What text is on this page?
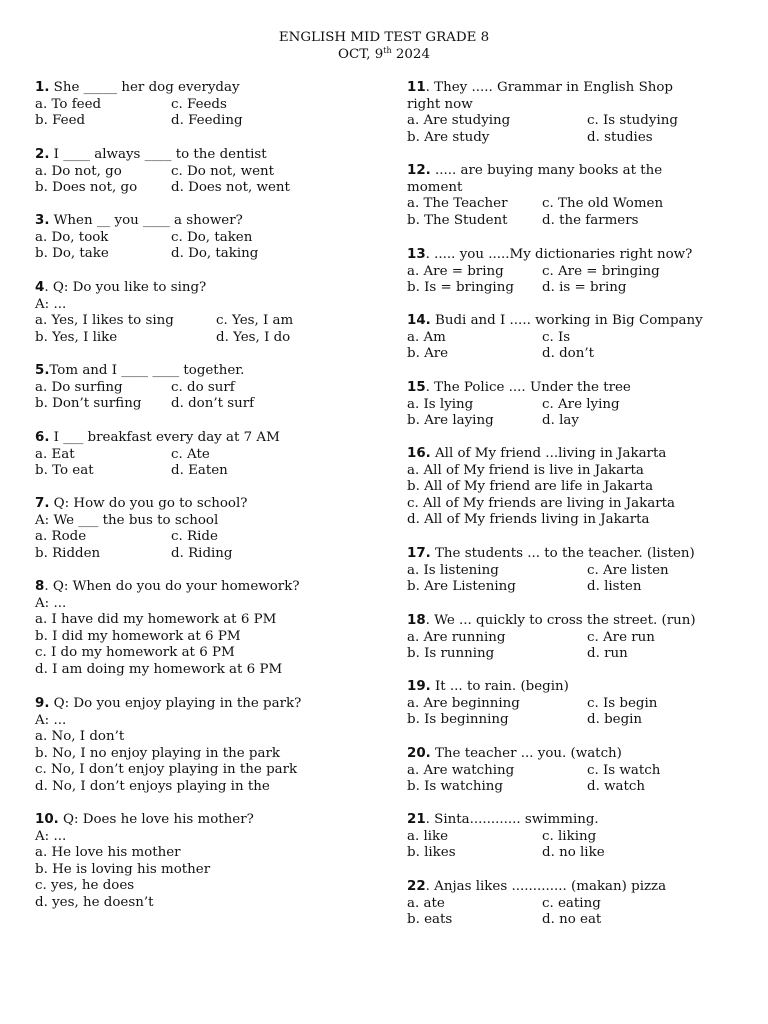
ENGLISH MID TEST GRADE 8
OCT, 9th 2024
1. She _____ her dog everyday
a. To feed	c. Feeds
b. Feed	d. Feeding
2. I ____ always ____ to the dentist
a. Do not, go	c. Do not, went
b. Does not, go	d. Does not, went
3. When __ you ____ a shower?
a. Do, took	c. Do, taken
b. Do, take	d. Do, taking
4. Q: Do you like to sing?
A: ...
a. Yes, I likes to sing	c. Yes, I am
b. Yes, I like	d. Yes, I do
5.Tom and I ____ ____ together.
a. Do surfing	c. do surf
b. Don’t surfing d. don’t surf
6. I ___ breakfast every day at 7 AM
a. Eat	c. Ate
b. To eat	d. Eaten
7. Q: How do you go to school?
A: We ___ the bus to school
a. Rode	c. Ride
b. Ridden	d. Riding
8. Q: When do you do your homework?
A: ...
a. I have did my homework at 6 PM
b. I did my homework at 6 PM
c. I do my homework at 6 PM
d. I am doing my homework at 6 PM
9. Q: Do you enjoy playing in the park?
A: ...
a. No, I don’t
b. No, I no enjoy playing in the park
c. No, I don’t enjoy playing in the park
d. No, I don’t enjoys playing in the
10. Q: Does he love his mother?
A: ...
a. He love his mother
b. He is loving his mother
c. yes, he does
d. yes, he doesn’t
11. They ..... Grammar in English Shop
right now
a. Are studying	c. Is studying
b. Are study	d. studies
12. ..... are buying many books at the
moment
a. The Teacher	c. The old Women
b. The Student	d. the farmers
13. ..... you .....My dictionaries right now?
a. Are = bring	c. Are = bringing
b. Is = bringing d. is = bring
14. Budi and I ..... working in Big Company
a. Am	c. Is
b. Are	d. don’t
15. The Police .... Under the tree
a. Is lying	c. Are lying
b. Are laying	d. lay
16. All of My friend ...living in Jakarta
a. All of My friend is live in Jakarta
b. All of My friend are life in Jakarta
c. All of My friends are living in Jakarta
d. All of My friends living in Jakarta
17. The students ... to the teacher. (listen)
a. Is listening	c. Are listen
b. Are Listening	d. listen
18. We ... quickly to cross the street. (run)
a. Are running	c. Are run
b. Is running	d. run
19. It ... to rain. (begin)
a. Are beginning	c. Is begin
b. Is beginning	d. begin
20. The teacher ... you. (watch)
a. Are watching	c. Is watch
b. Is watching	d. watch
21. Sinta............ swimming.
a. like	c. liking
b. likes	d. no like
22. Anjas likes ............. (makan) pizza
a. ate	c. eating
b. eats	d. no eat
